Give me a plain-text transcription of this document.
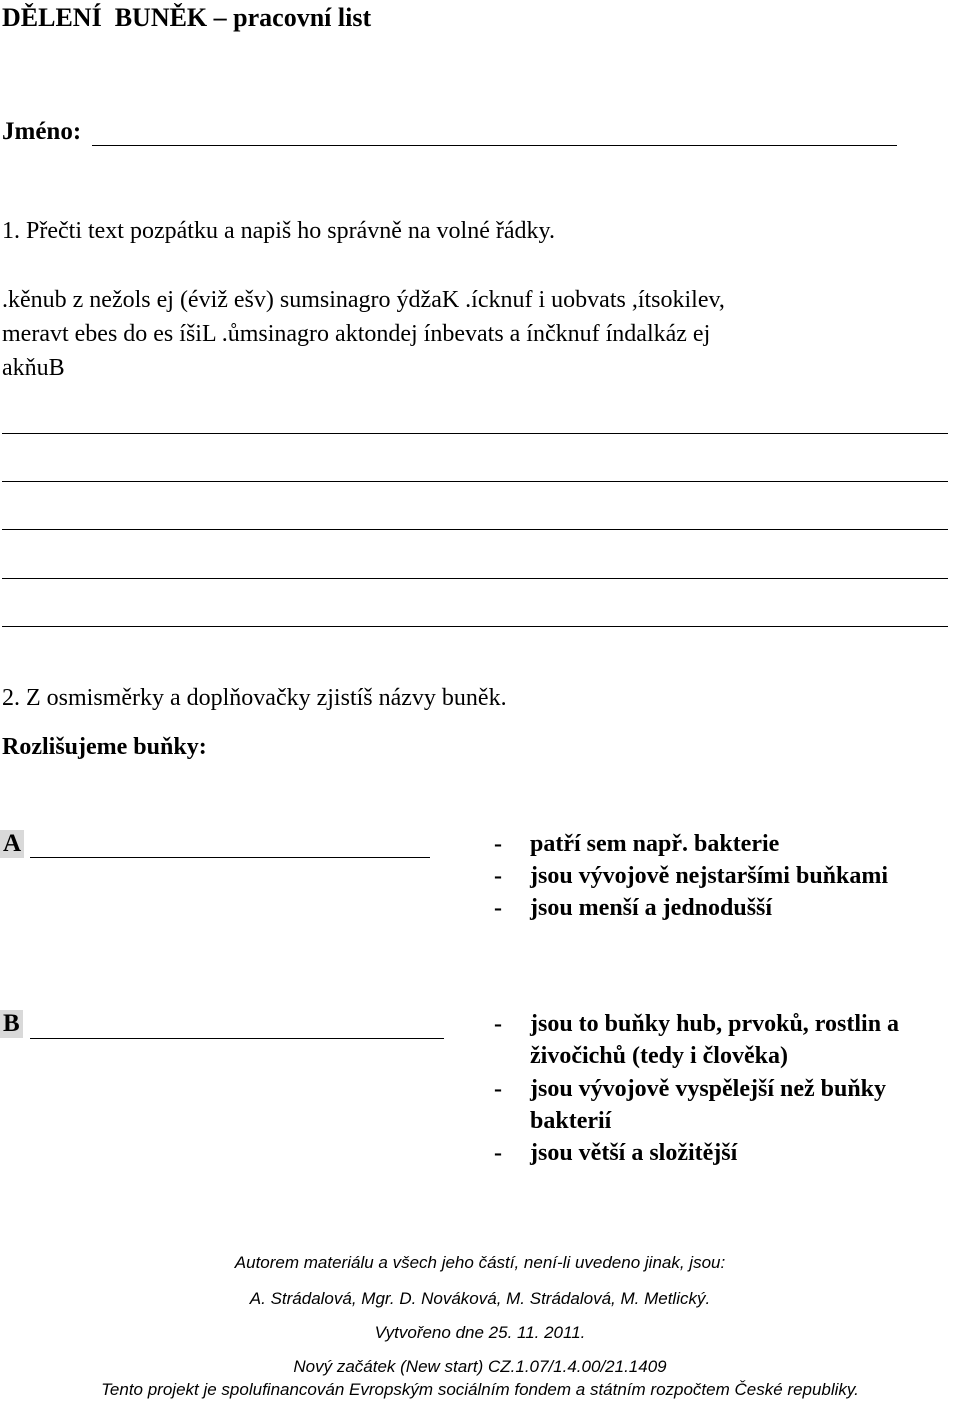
DĚLENÍ  BUNĚK – pracovní list
Jméno:
1. Přečti text pozpátku a napiš ho správně na volné řádky.
.kěnub z nežols ej (éviž ešv) sumsinagro ýdžaK .ícknuf i uobvats ,ítsokilev,
meravt ebes do es íšiL .ůmsinagro aktondej ínbevats a ínčknuf índalkáz ej
akňuB
2. Z osmisměrky a doplňovačky zjistíš názvy buněk.
Rozlišujeme buňky:
A	- patří sem např. bakterie
- jsou vývojově nejstaršími buňkami
- jsou menší a jednodušší
B	- jsou to buňky hub, prvoků, rostlin a
živočichů (tedy i člověka)
- jsou vývojově vyspělejší než buňky
bakterií
- jsou větší a složitější
Autorem materiálu a všech jeho částí, není-li uvedeno jinak, jsou:
A. Strádalová, Mgr. D. Nováková, M. Strádalová, M. Metlický.
Vytvořeno dne 25. 11. 2011.
Nový začátek (New start) CZ.1.07/1.4.00/21.1409
Tento projekt je spolufinancován Evropským sociálním fondem a státním rozpočtem České republiky.
